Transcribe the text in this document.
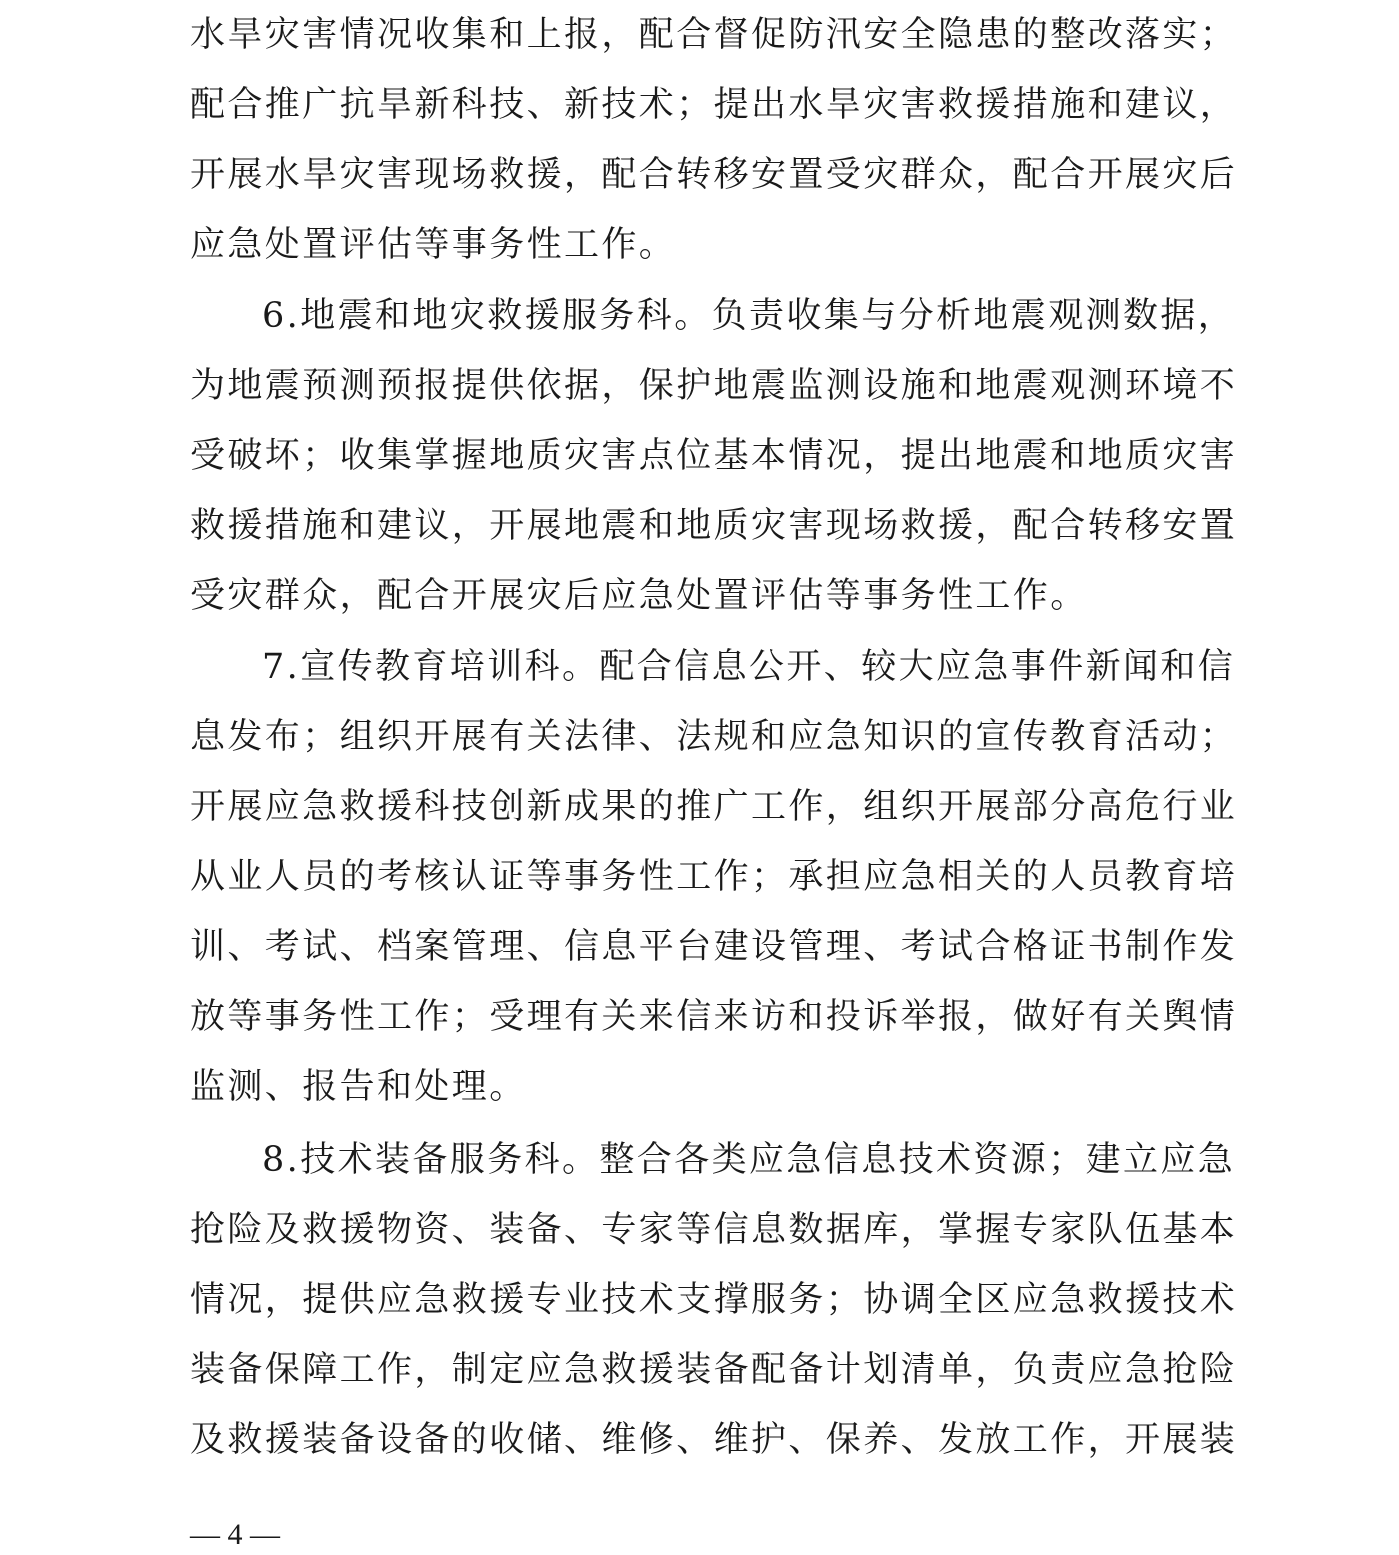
水旱灾害情况收集和上报，配合督促防汛安全隐患的整改落实；
配合推广抗旱新科技、新技术；提出水旱灾害救援措施和建议，
开展水旱灾害现场救援，配合转移安置受灾群众，配合开展灾后
应急处置评估等事务性工作。
6.地震和地灾救援服务科。负责收集与分析地震观测数据，
为地震预测预报提供依据，保护地震监测设施和地震观测环境不
受破坏；收集掌握地质灾害点位基本情况，提出地震和地质灾害
救援措施和建议，开展地震和地质灾害现场救援，配合转移安置
受灾群众，配合开展灾后应急处置评估等事务性工作。
7.宣传教育培训科。配合信息公开、较大应急事件新闻和信
息发布；组织开展有关法律、法规和应急知识的宣传教育活动；
开展应急救援科技创新成果的推广工作，组织开展部分高危行业
从业人员的考核认证等事务性工作；承担应急相关的人员教育培
训、考试、档案管理、信息平台建设管理、考试合格证书制作发
放等事务性工作；受理有关来信来访和投诉举报，做好有关舆情
监测、报告和处理。
8.技术装备服务科。整合各类应急信息技术资源；建立应急
抢险及救援物资、装备、专家等信息数据库，掌握专家队伍基本
情况，提供应急救援专业技术支撑服务；协调全区应急救援技术
装备保障工作，制定应急救援装备配备计划清单，负责应急抢险
及救援装备设备的收储、维修、维护、保养、发放工作，开展装
— 4 —
